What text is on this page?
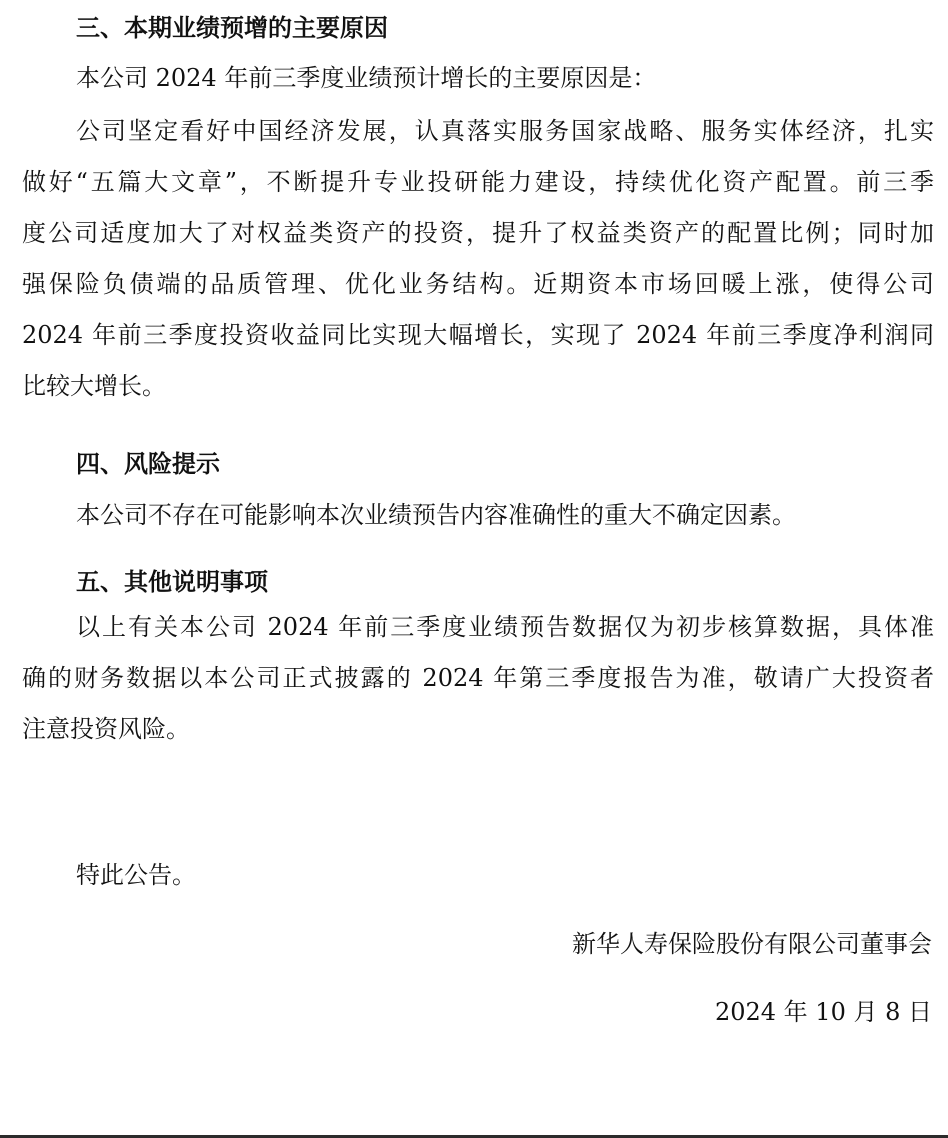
三、本期业绩预增的主要原因

本公司 2024 年前三季度业绩预计增长的主要原因是：

公司坚定看好中国经济发展，认真落实服务国家战略、服务实体经济，扎实

做好“五篇大文章”，不断提升专业投研能力建设，持续优化资产配置。前三季

度公司适度加大了对权益类资产的投资，提升了权益类资产的配置比例；同时加

强保险负债端的品质管理、优化业务结构。近期资本市场回暖上涨，使得公司

2024 年前三季度投资收益同比实现大幅增长，实现了 2024 年前三季度净利润同

比较大增长。

四、风险提示

本公司不存在可能影响本次业绩预告内容准确性的重大不确定因素。

五、其他说明事项

以上有关本公司 2024 年前三季度业绩预告数据仅为初步核算数据，具体准

确的财务数据以本公司正式披露的 2024 年第三季度报告为准，敬请广大投资者

注意投资风险。

特此公告。

新华人寿保险股份有限公司董事会

2024 年 10 月 8 日
